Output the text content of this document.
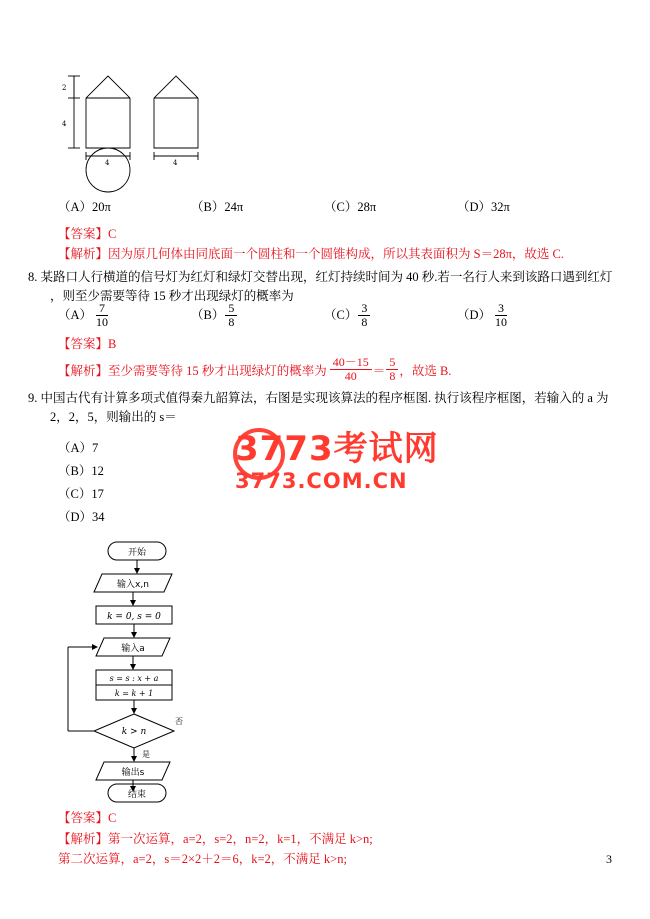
2
4
4	4
（A）20π	（B）24π	（C）28π	（D）32π
【答案】C
【解析】因为原几何体由同底面一个圆柱和一个圆锥构成，所以其表面积为 S＝28π，故选 C.
8. 某路口人行横道的信号灯为红灯和绿灯交替出现，红灯持续时间为 40 秒.若一名行人来到该路口遇到红灯 ，则至少需要等待 15 秒才出现绿灯的概率为
$(A) \frac{7}{10}$	$(B) \frac{5}{8}$	$(C) \frac{3}{8}$	$(D) \frac{3}{10}$
【答案】B
【解析】 至少需要等待 15 秒才出现绿灯的概率为 $\frac{40-15}{40} = \frac{5}{8}$ ，故选 B.
9. 中国古代有计算多项式值得秦九韶算法，右图是实现该算法的程序框图. 执行该程序框图，若输入的 a 为 2，2，5，则输出的 s＝
（A）7
（B）12
（C）17
（D）34
3773考试网
3773.COM.CN
开始
输入x,n
k = 0, s = 0
输入a
s = s : x + a
k = k + 1
k > n
否
是
输出s
结束
【答案】C
【解析】第一次运算，a=2，s=2，n=2，k=1，不满足 k>n;
第二次运算，a=2，s＝2×2＋2＝6，k=2，不满足 k>n;	3
